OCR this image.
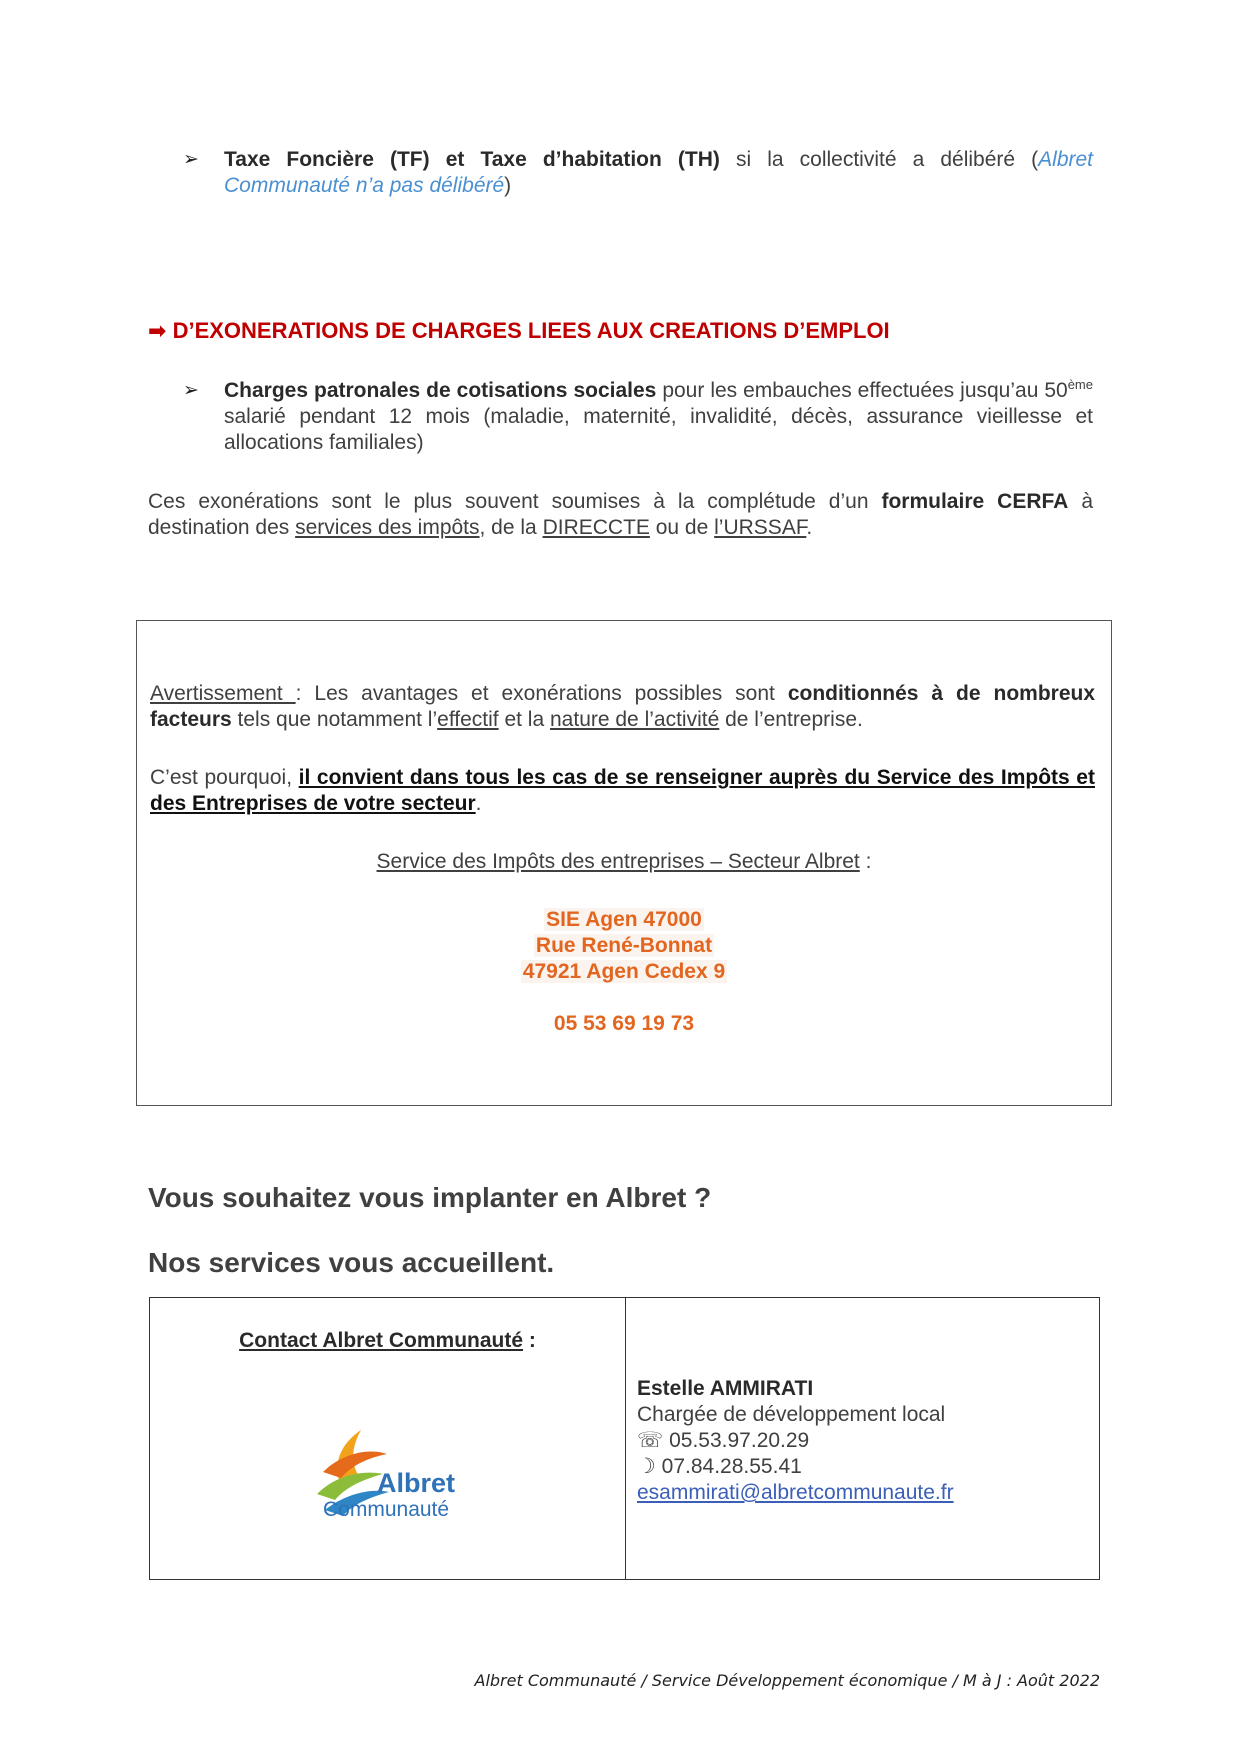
➢ Taxe Foncière (TF) et Taxe d’habitation (TH) si la collectivité a délibéré (Albret Communauté n’a pas délibéré)
➡ D’EXONERATIONS DE CHARGES LIEES AUX CREATIONS D’EMPLOI
➢ Charges patronales de cotisations sociales pour les embauches effectuées jusqu’au 50ème salarié pendant 12 mois (maladie, maternité, invalidité, décès, assurance vieillesse et allocations familiales)
Ces exonérations sont le plus souvent soumises à la complétude d’un formulaire CERFA à destination des services des impôts, de la DIRECCTE ou de l’URSSAF.
Avertissement : Les avantages et exonérations possibles sont conditionnés à de nombreux facteurs tels que notamment l’effectif et la nature de l’activité de l’entreprise.
C’est pourquoi, il convient dans tous les cas de se renseigner auprès du Service des Impôts et des Entreprises de votre secteur.
Service des Impôts des entreprises – Secteur Albret :
SIE Agen 47000
Rue René-Bonnat
47921 Agen Cedex 9
05 53 69 19 73
Vous souhaitez vous implanter en Albret ?
Nos services vous accueillent.
Contact Albret Communauté :
Albret
Communauté
Estelle AMMIRATI
Chargée de développement local
☏ 05.53.97.20.29
☽ 07.84.28.55.41
esammirati@albretcommunaute.fr
Albret Communauté / Service Développement économique / M à J : Août 2022
